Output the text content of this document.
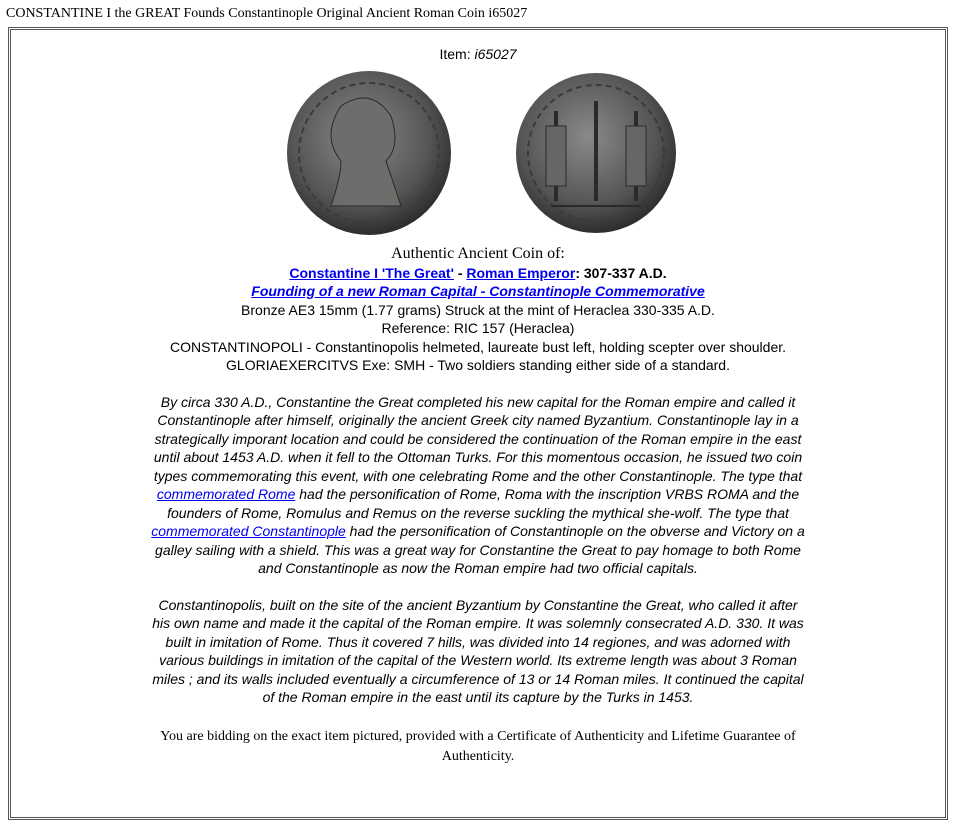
CONSTANTINE I the GREAT Founds Constantinople Original Ancient Roman Coin i65027
Item: i65027
Authentic Ancient Coin of:
Constantine I 'The Great' - Roman Emperor: 307-337 A.D.
Founding of a new Roman Capital - Constantinople Commemorative
Bronze AE3 15mm (1.77 grams) Struck at the mint of Heraclea 330-335 A.D.
Reference: RIC 157 (Heraclea)
CONSTANTINOPOLI - Constantinopolis helmeted, laureate bust left, holding scepter over shoulder.
GLORIAEXERCITVS Exe: SMH - Two soldiers standing either side of a standard.
By circa 330 A.D., Constantine the Great completed his new capital for the Roman empire and called it Constantinople after himself, originally the ancient Greek city named Byzantium. Constantinople lay in a strategically imporant location and could be considered the continuation of the Roman empire in the east until about 1453 A.D. when it fell to the Ottoman Turks. For this momentous occasion, he issued two coin types commemorating this event, with one celebrating Rome and the other Constantinople. The type that commemorated Rome had the personification of Rome, Roma with the inscription VRBS ROMA and the founders of Rome, Romulus and Remus on the reverse suckling the mythical she-wolf. The type that commemorated Constantinople had the personification of Constantinople on the obverse and Victory on a galley sailing with a shield. This was a great way for Constantine the Great to pay homage to both Rome and Constantinople as now the Roman empire had two official capitals.
Constantinopolis, built on the site of the ancient Byzantium by Constantine the Great, who called it after his own name and made it the capital of the Roman empire. It was solemnly consecrated A.D. 330. It was built in imitation of Rome. Thus it covered 7 hills, was divided into 14 regiones, and was adorned with various buildings in imitation of the capital of the Western world. Its extreme length was about 3 Roman miles ; and its walls included eventually a circumference of 13 or 14 Roman miles. It continued the capital of the Roman empire in the east until its capture by the Turks in 1453.
You are bidding on the exact item pictured, provided with a Certificate of Authenticity and Lifetime Guarantee of Authenticity.
